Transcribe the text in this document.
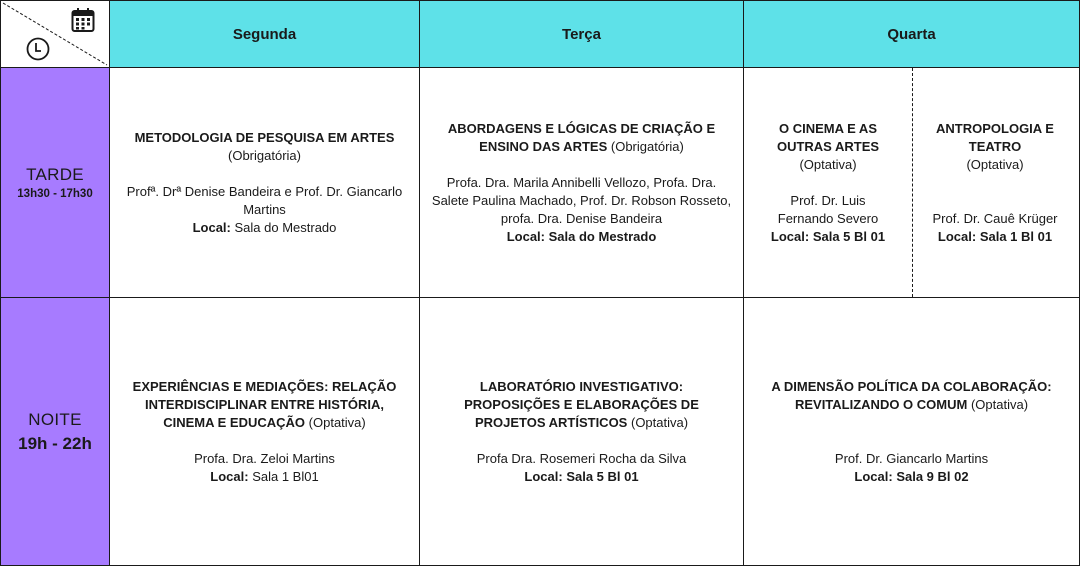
Segunda	Terça	Quarta
TARDE
13h30 - 17h30
NOITE
19h - 22h
METODOLOGIA DE PESQUISA EM ARTES
(Obrigatória)
Profª. Drª Denise Bandeira e Prof. Dr. Giancarlo Martins
Local: Sala do Mestrado
ABORDAGENS E LÓGICAS DE CRIAÇÃO E ENSINO DAS ARTES (Obrigatória)
Profa. Dra. Marila Annibelli Vellozo, Profa. Dra. Salete Paulina Machado, Prof. Dr. Robson Rosseto, profa. Dra. Denise Bandeira
Local: Sala do Mestrado
O CINEMA E AS OUTRAS ARTES
(Optativa)
Prof. Dr. Luis Fernando Severo
Local: Sala 5 Bl 01
ANTROPOLOGIA E TEATRO
(Optativa)
Prof. Dr. Cauê Krüger
Local: Sala 1 Bl 01
EXPERIÊNCIAS E MEDIAÇÕES: RELAÇÃO INTERDISCIPLINAR ENTRE HISTÓRIA, CINEMA E EDUCAÇÃO (Optativa)
Profa. Dra. Zeloi Martins
Local: Sala 1 Bl01
LABORATÓRIO INVESTIGATIVO: PROPOSIÇÕES E ELABORAÇÕES DE PROJETOS ARTÍSTICOS (Optativa)
Profa Dra. Rosemeri Rocha da Silva
Local: Sala 5 Bl 01
A DIMENSÃO POLÍTICA DA COLABORAÇÃO: REVITALIZANDO O COMUM (Optativa)
Prof. Dr. Giancarlo Martins
Local: Sala 9 Bl 02
